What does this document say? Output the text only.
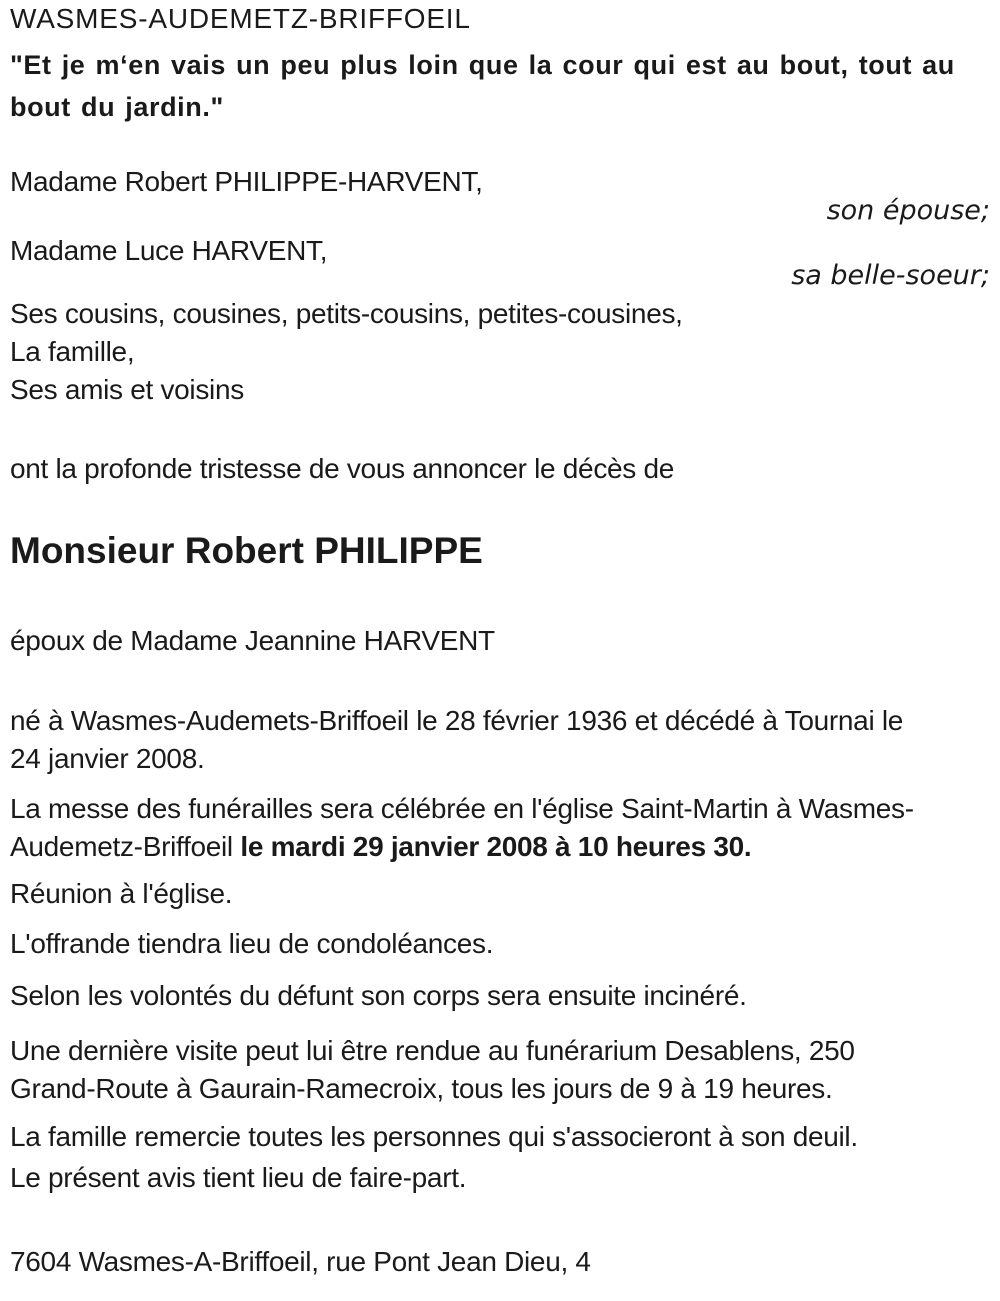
WASMES-AUDEMETZ-BRIFFOEIL
"Et je m‘en vais un peu plus loin que la cour qui est au bout, tout au
bout du jardin."
Madame Robert PHILIPPE-HARVENT,
son épouse;
Madame Luce HARVENT,
sa belle-soeur;
Ses cousins, cousines, petits-cousins, petites-cousines,
La famille,
Ses amis et voisins
ont la profonde tristesse de vous annoncer le décès de
Monsieur Robert PHILIPPE
époux de Madame Jeannine HARVENT
né à Wasmes-Audemets-Briffoeil le 28 février 1936 et décédé à Tournai le
24 janvier 2008.
La messe des funérailles sera célébrée en l'église Saint-Martin à Wasmes-
Audemetz-Briffoeil le mardi 29 janvier 2008 à 10 heures 30.
Réunion à l'église.
L'offrande tiendra lieu de condoléances.
Selon les volontés du défunt son corps sera ensuite incinéré.
Une dernière visite peut lui être rendue au funérarium Desablens, 250
Grand-Route à Gaurain-Ramecroix, tous les jours de 9 à 19 heures.
La famille remercie toutes les personnes qui s'associeront à son deuil.
Le présent avis tient lieu de faire-part.
7604 Wasmes-A-Briffoeil, rue Pont Jean Dieu, 4
